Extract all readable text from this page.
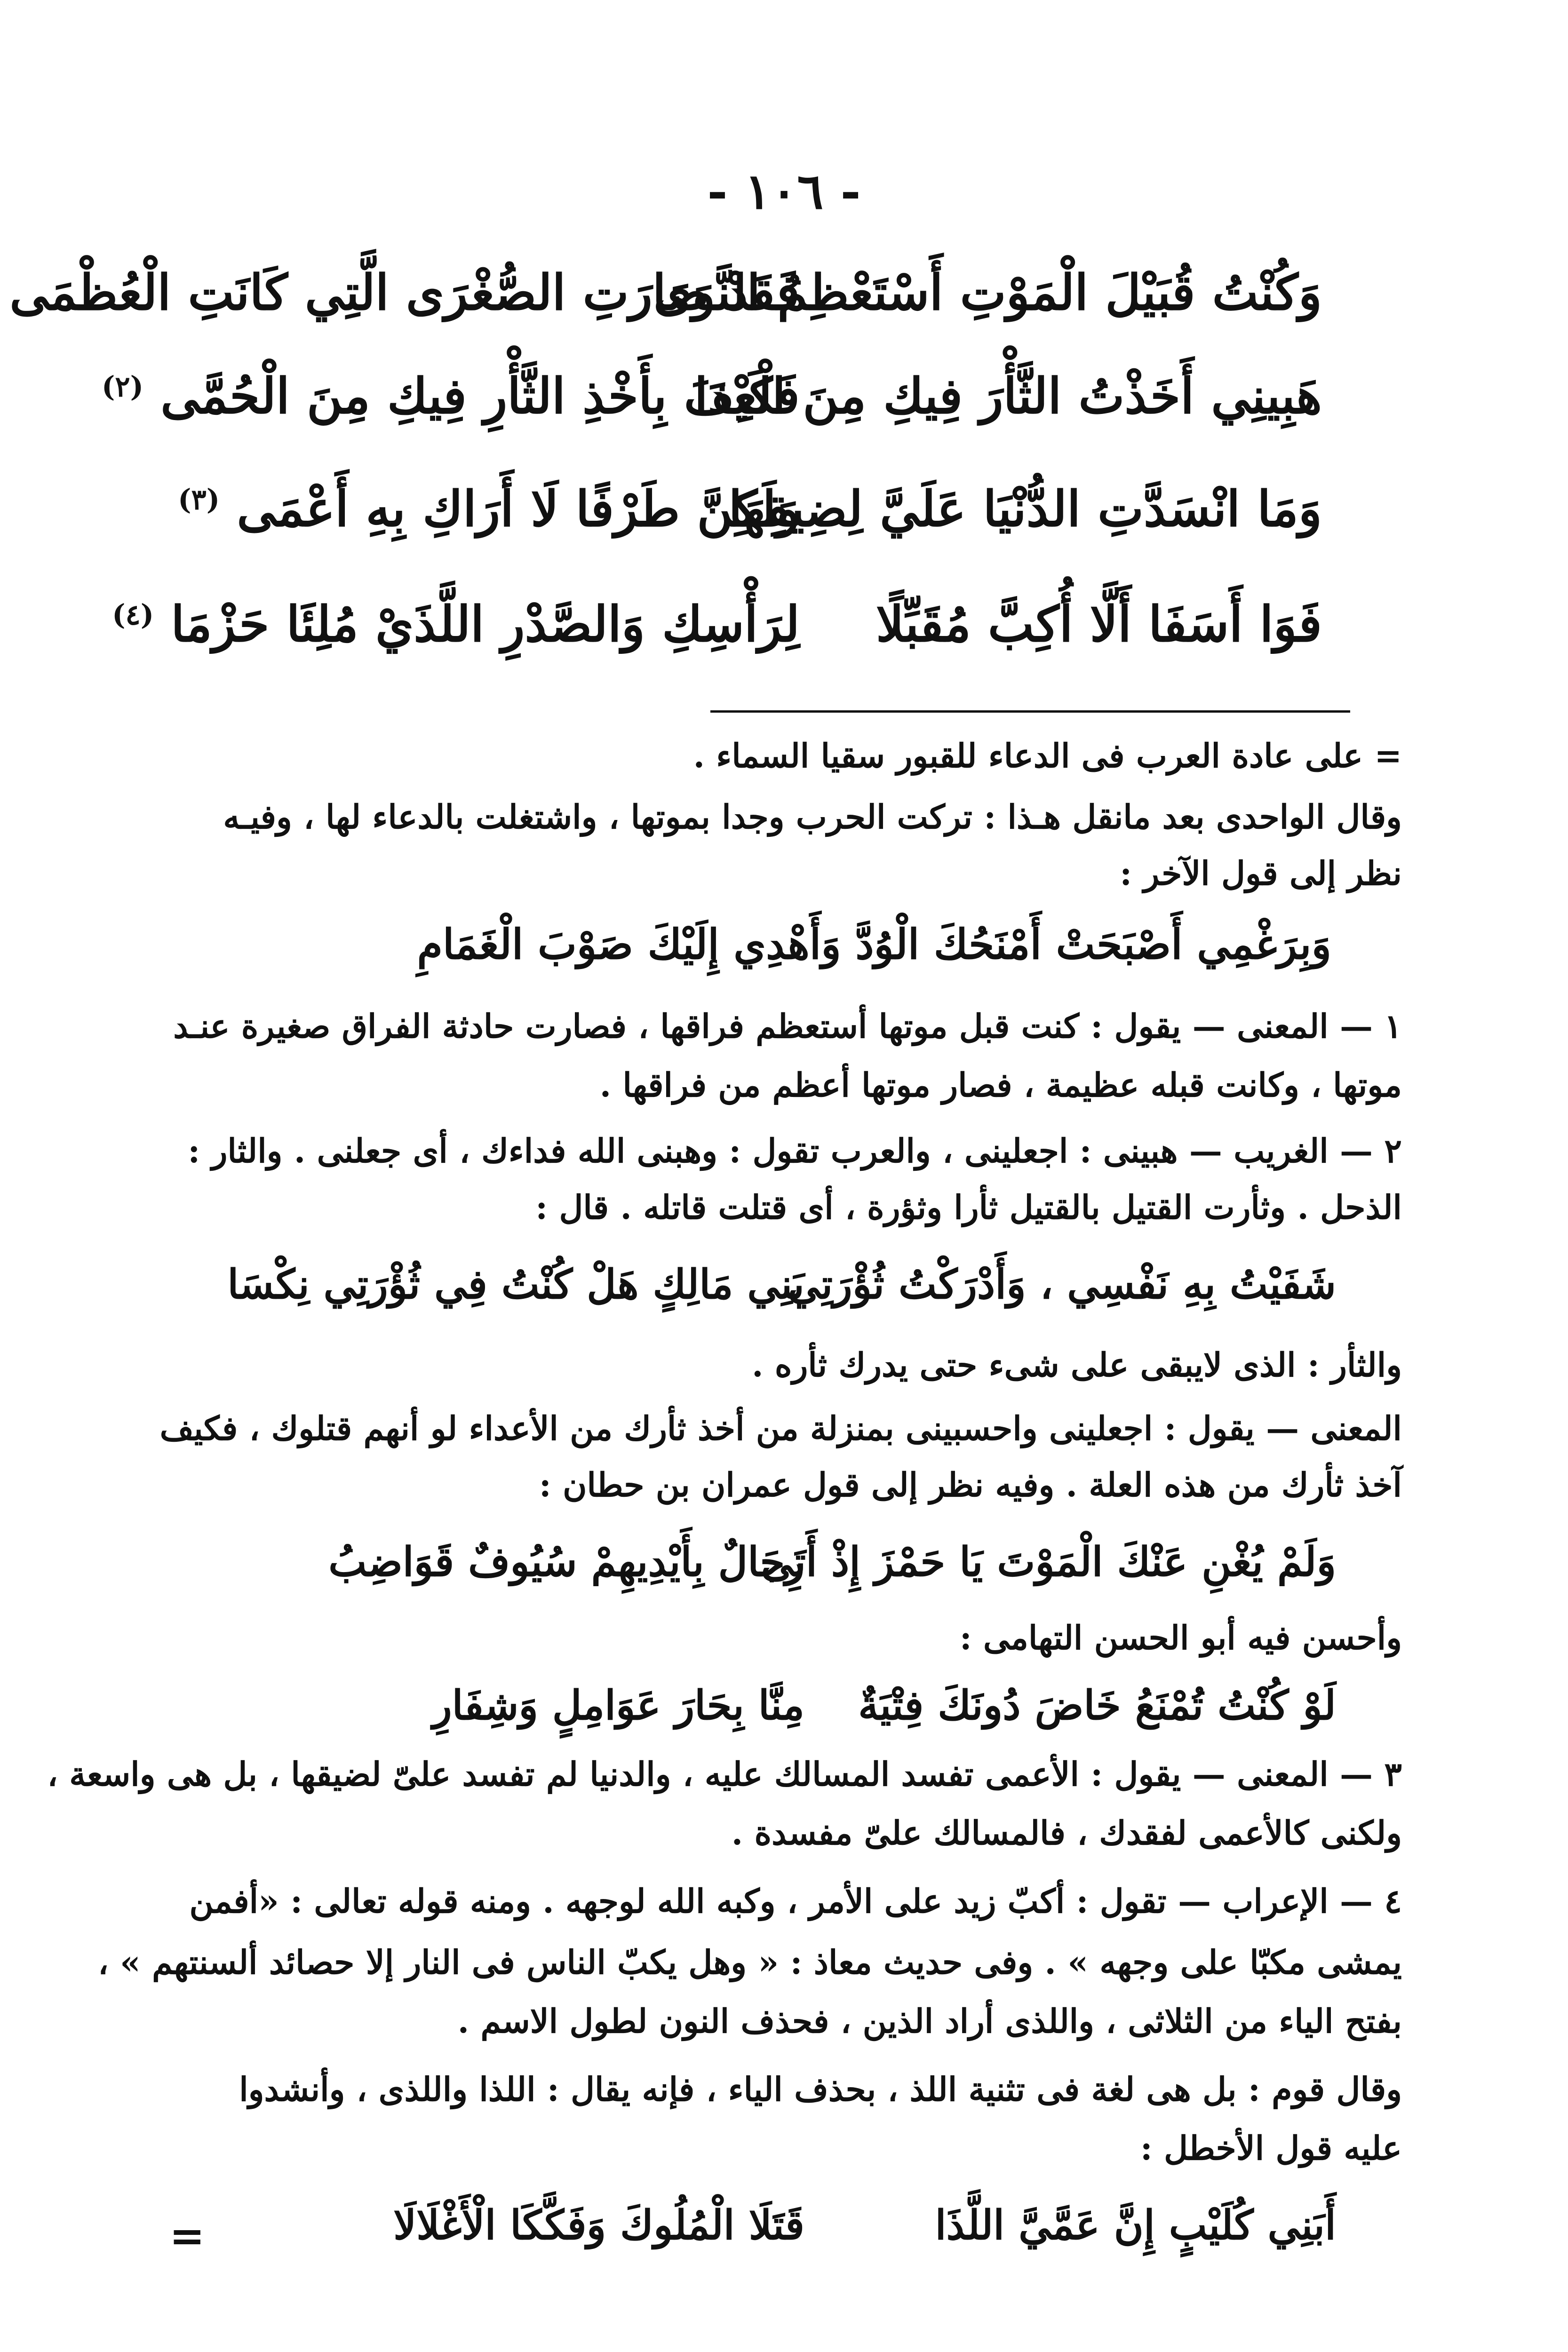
- ١٠٦ -
وَكُنْتُ قُبَيْلَ الْمَوْتِ أَسْتَعْظِمُ النَّوَى
فَقَدْ صَارَتِ الصُّغْرَى الَّتِي كَانَتِ الْعُظْمَى
هَبِينِي أَخَذْتُ الثَّأْرَ فِيكِ مِنَ الْعِدَا
فَكَيْفَ بِأَخْذِ الثَّأْرِ فِيكِ مِنَ الْحُمَّى $^{(٢)}$
وَمَا انْسَدَّتِ الدُّنْيَا عَلَيَّ لِضِيقِهَا
وَلَكِنَّ طَرْفًا لَا أَرَاكِ بِهِ أَعْمَى $^{(٣)}$
فَوَا أَسَفَا أَلَّا أُكِبَّ مُقَبِّلًا
لِرَأْسِكِ وَالصَّدْرِ اللَّذَيْ مُلِئَا حَزْمَا $^{(٤)}$
= على عادة العرب فى الدعاء للقبور سقيا السماء .
وقال الواحدى بعد مانقل هـذا : تركت الحرب وجدا بموتها ، واشتغلت بالدعاء لها ، وفيـه
نظر إلى قول الآخر :
وَبِرَغْمِي أَصْبَحَتْ أَمْنَحُكَ الْوُدَّ وَأَهْدِي إِلَيْكَ صَوْبَ الْغَمَامِ
١ — المعنى — يقول : كنت قبل موتها أستعظم فراقها ، فصارت حادثة الفراق صغيرة عنـد
موتها ، وكانت قبله عظيمة ، فصار موتها أعظم من فراقها .
٢ — الغريب — هبينى : اجعلينى ، والعرب تقول : وهبنى الله فداءك ، أى جعلنى . والثار :
الذحل . وثأرت القتيل بالقتيل ثأرا وثؤرة ، أى قتلت قاتله . قال :
شَفَيْتُ بِهِ نَفْسِي ، وَأَدْرَكْتُ ثُؤْرَتِي
بَنِي مَالِكٍ هَلْ كُنْتُ فِي ثُؤْرَتِي نِكْسَا
والثأر : الذى لايبقى على شىء حتى يدرك ثأره .
المعنى — يقول : اجعلينى واحسبينى بمنزلة من أخذ ثأرك من الأعداء لو أنهم قتلوك ، فكيف
آخذ ثأرك من هذه العلة . وفيه نظر إلى قول عمران بن حطان :
وَلَمْ يُغْنِ عَنْكَ الْمَوْتَ يَا حَمْزَ إِذْ أَتَى
رِجَالٌ بِأَيْدِيهِمْ سُيُوفٌ قَوَاضِبُ
وأحسن فيه أبو الحسن التهامى :
لَوْ كُنْتُ تُمْنَعُ خَاضَ دُونَكَ فِتْيَةٌ
مِنَّا بِحَارَ عَوَامِلٍ وَشِفَارِ
٣ — المعنى — يقول : الأعمى تفسد المسالك عليه ، والدنيا لم تفسد علىّ لضيقها ، بل هى واسعة ،
ولكنى كالأعمى لفقدك ، فالمسالك علىّ مفسدة .
٤ — الإعراب — تقول : أكبّ زيد على الأمر ، وكبه الله لوجهه . ومنه قوله تعالى : «أفمن
يمشى مكبّا على وجهه » . وفى حديث معاذ : « وهل يكبّ الناس فى النار إلا حصائد ألسنتهم » ،
بفتح الياء من الثلاثى ، واللذى أراد الذين ، فحذف النون لطول الاسم .
وقال قوم : بل هى لغة فى تثنية اللذ ، بحذف الياء ، فإنه يقال : اللذا واللذى ، وأنشدوا
عليه قول الأخطل :
أَبَنِي كُلَيْبٍ إِنَّ عَمَّيَّ اللَّذَا
قَتَلَا الْمُلُوكَ وَفَكَّكَا الْأَغْلَالَا
=
